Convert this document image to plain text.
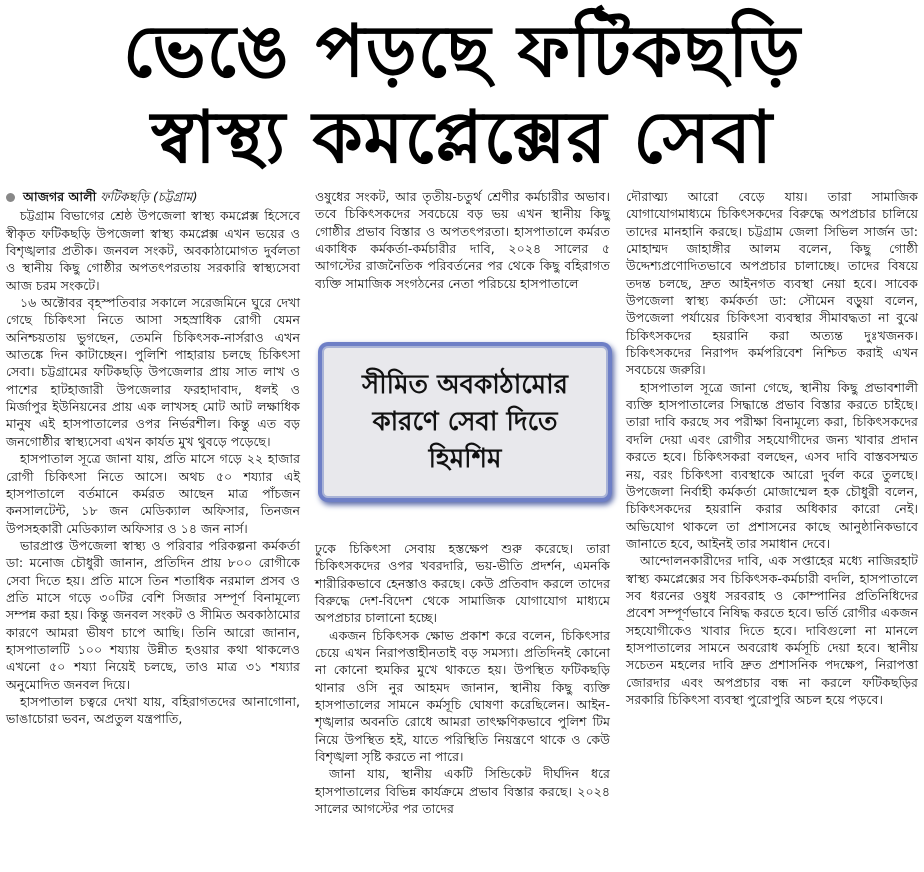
ভেঙে পড়ছে ফটিকছড়ি
স্বাস্থ্য কমপ্লেক্সের সেবা
আজগর আলী ফটিকছড়ি (চট্টগ্রাম)

চট্টগ্রাম বিভাগের শ্রেষ্ঠ উপজেলা স্বাস্থ্য কমপ্লেক্স হিসেবে স্বীকৃত ফটিকছড়ি উপজেলা স্বাস্থ্য কমপ্লেক্স এখন ভয়ের ও বিশৃঙ্খলার প্রতীক। জনবল সংকট, অবকাঠামোগত দুর্বলতা ও স্থানীয় কিছু গোষ্ঠীর অপতৎপরতায় সরকারি স্বাস্থ্যসেবা আজ চরম সংকটে।

১৬ অক্টোবর বৃহস্পতিবার সকালে সরেজমিনে ঘুরে দেখা গেছে চিকিৎসা নিতে আসা সহস্রাধিক রোগী যেমন অনিশ্চয়তায় ভুগছেন, তেমনি চিকিৎসক-নার্সরাও এখন আতঙ্কে দিন কাটাচ্ছেন। পুলিশি পাহারায় চলছে চিকিৎসা সেবা। চট্টগ্রামের ফটিকছড়ি উপজেলার প্রায় সাত লাখ ও পাশের হাটহাজারী উপজেলার ফরহাদাবাদ, ধলই ও মির্জাপুর ইউনিয়নের প্রায় এক লাখসহ মোট আট লক্ষাধিক মানুষ এই হাসপাতালের ওপর নির্ভরশীল। কিন্তু এত বড় জনগোষ্ঠীর স্বাস্থ্যসেবা এখন কার্যত মুখ থুবড়ে পড়েছে।

হাসপাতাল সূত্রে জানা যায়, প্রতি মাসে গড়ে ২২ হাজার রোগী চিকিৎসা নিতে আসে। অথচ ৫০ শয্যার এই হাসপাতালে বর্তমানে কর্মরত আছেন মাত্র পাঁচজন কনসালটেন্ট, ১৮ জন মেডিক্যাল অফিসার, তিনজন উপসহকারী মেডিক্যাল অফিসার ও ১৪ জন নার্স।

ভারপ্রাপ্ত উপজেলা স্বাস্থ্য ও পরিবার পরিকল্পনা কর্মকর্তা ডা: মনোজ চৌধুরী জানান, প্রতিদিন প্রায় ৮০০ রোগীকে সেবা দিতে হয়। প্রতি মাসে তিন শতাধিক নরমাল প্রসব ও প্রতি মাসে গড়ে ৩০টির বেশি সিজার সম্পূর্ণ বিনামূল্যে সম্পন্ন করা হয়। কিন্তু জনবল সংকট ও সীমিত অবকাঠামোর কারণে আমরা ভীষণ চাপে আছি। তিনি আরো জানান, হাসপাতালটি ১০০ শয্যায় উন্নীত হওয়ার কথা থাকলেও এখনো ৫০ শয্যা নিয়েই চলছে, তাও মাত্র ৩১ শয্যার অনুমোদিত জনবল দিয়ে।

হাসপাতাল চত্বরে দেখা যায়, বহিরাগতদের আনাগোনা, ভাঙাচোরা ভবন, অপ্রতুল যন্ত্রপাতি,

ওষুধের সংকট, আর তৃতীয়-চতুর্থ শ্রেণীর কর্মচারীর অভাব। তবে চিকিৎসকদের সবচেয়ে বড় ভয় এখন স্থানীয় কিছু গোষ্ঠীর প্রভাব বিস্তার ও অপতৎপরতা। হাসপাতালে কর্মরত একাধিক কর্মকর্তা-কর্মচারীর দাবি, ২০২৪ সালের ৫ আগস্টের রাজনৈতিক পরিবর্তনের পর থেকে কিছু বহিরাগত ব্যক্তি সামাজিক সংগঠনের নেতা পরিচয়ে হাসপাতালে

সীমিত অবকাঠামোর কারণে সেবা দিতে হিমশিম

ঢুকে চিকিৎসা সেবায় হস্তক্ষেপ শুরু করেছে। তারা চিকিৎসকদের ওপর খবরদারি, ভয়-ভীতি প্রদর্শন, এমনকি শারীরিকভাবে হেনস্তাও করছে। কেউ প্রতিবাদ করলে তাদের বিরুদ্ধে দেশ-বিদেশ থেকে সামাজিক যোগাযোগ মাধ্যমে অপপ্রচার চালানো হচ্ছে।

একজন চিকিৎসক ক্ষোভ প্রকাশ করে বলেন, চিকিৎসার চেয়ে এখন নিরাপত্তাহীনতাই বড় সমস্যা। প্রতিদিনই কোনো না কোনো হুমকির মুখে থাকতে হয়। উপস্থিত ফটিকছড়ি থানার ওসি নুর আহমদ জানান, স্থানীয় কিছু ব্যক্তি হাসপাতালের সামনে কর্মসূচি ঘোষণা করেছিলেন। আইন-শৃঙ্খলার অবনতি রোধে আমরা তাৎক্ষণিকভাবে পুলিশ টিম নিয়ে উপস্থিত হই, যাতে পরিস্থিতি নিয়ন্ত্রণে থাকে ও কেউ বিশৃঙ্খলা সৃষ্টি করতে না পারে।

জানা যায়, স্থানীয় একটি সিন্ডিকেট দীর্ঘদিন ধরে হাসপাতালের বিভিন্ন কার্যক্রমে প্রভাব বিস্তার করছে। ২০২৪ সালের আগস্টের পর তাদের

দৌরাত্ম্য আরো বেড়ে যায়। তারা সামাজিক যোগাযোগমাধ্যমে চিকিৎসকদের বিরুদ্ধে অপপ্রচার চালিয়ে তাদের মানহানি করছে। চট্টগ্রাম জেলা সিভিল সার্জন ডা: মোহাম্মদ জাহাঙ্গীর আলম বলেন, কিছু গোষ্ঠী উদ্দেশ্যপ্রণোদিতভাবে অপপ্রচার চালাচ্ছে। তাদের বিষয়ে তদন্ত চলছে, দ্রুত আইনগত ব্যবস্থা নেয়া হবে। সাবেক উপজেলা স্বাস্থ্য কর্মকর্তা ডা: সৌমেন বড়ুয়া বলেন, উপজেলা পর্যায়ের চিকিৎসা ব্যবস্থার সীমাবদ্ধতা না বুঝে চিকিৎসকদের হয়রানি করা অত্যন্ত দুঃখজনক। চিকিৎসকদের নিরাপদ কর্মপরিবেশ নিশ্চিত করাই এখন সবচেয়ে জরুরি।

হাসপাতাল সূত্রে জানা গেছে, স্থানীয় কিছু প্রভাবশালী ব্যক্তি হাসপাতালের সিদ্ধান্তে প্রভাব বিস্তার করতে চাইছে। তারা দাবি করছে সব পরীক্ষা বিনামূল্যে করা, চিকিৎসকদের বদলি দেয়া এবং রোগীর সহযোগীদের জন্য খাবার প্রদান করতে হবে। চিকিৎসকরা বলছেন, এসব দাবি বাস্তবসম্মত নয়, বরং চিকিৎসা ব্যবস্থাকে আরো দুর্বল করে তুলছে। উপজেলা নির্বাহী কর্মকর্তা মোজাম্মেল হক চৌধুরী বলেন, চিকিৎসকদের হয়রানি করার অধিকার কারো নেই। অভিযোগ থাকলে তা প্রশাসনের কাছে আনুষ্ঠানিকভাবে জানাতে হবে, আইনই তার সমাধান দেবে।

আন্দোলনকারীদের দাবি, এক সপ্তাহের মধ্যে নাজিরহাট স্বাস্থ্য কমপ্লেক্সের সব চিকিৎসক-কর্মচারী বদলি, হাসপাতালে সব ধরনের ওষুধ সরবরাহ ও কোম্পানির প্রতিনিধিদের প্রবেশ সম্পূর্ণভাবে নিষিদ্ধ করতে হবে। ভর্তি রোগীর একজন সহযোগীকেও খাবার দিতে হবে। দাবিগুলো না মানলে হাসপাতালের সামনে অবরোধ কর্মসূচি দেয়া হবে। স্থানীয় সচেতন মহলের দাবি দ্রুত প্রশাসনিক পদক্ষেপ, নিরাপত্তা জোরদার এবং অপপ্রচার বন্ধ না করলে ফটিকছড়ির সরকারি চিকিৎসা ব্যবস্থা পুরোপুরি অচল হয়ে পড়বে।
